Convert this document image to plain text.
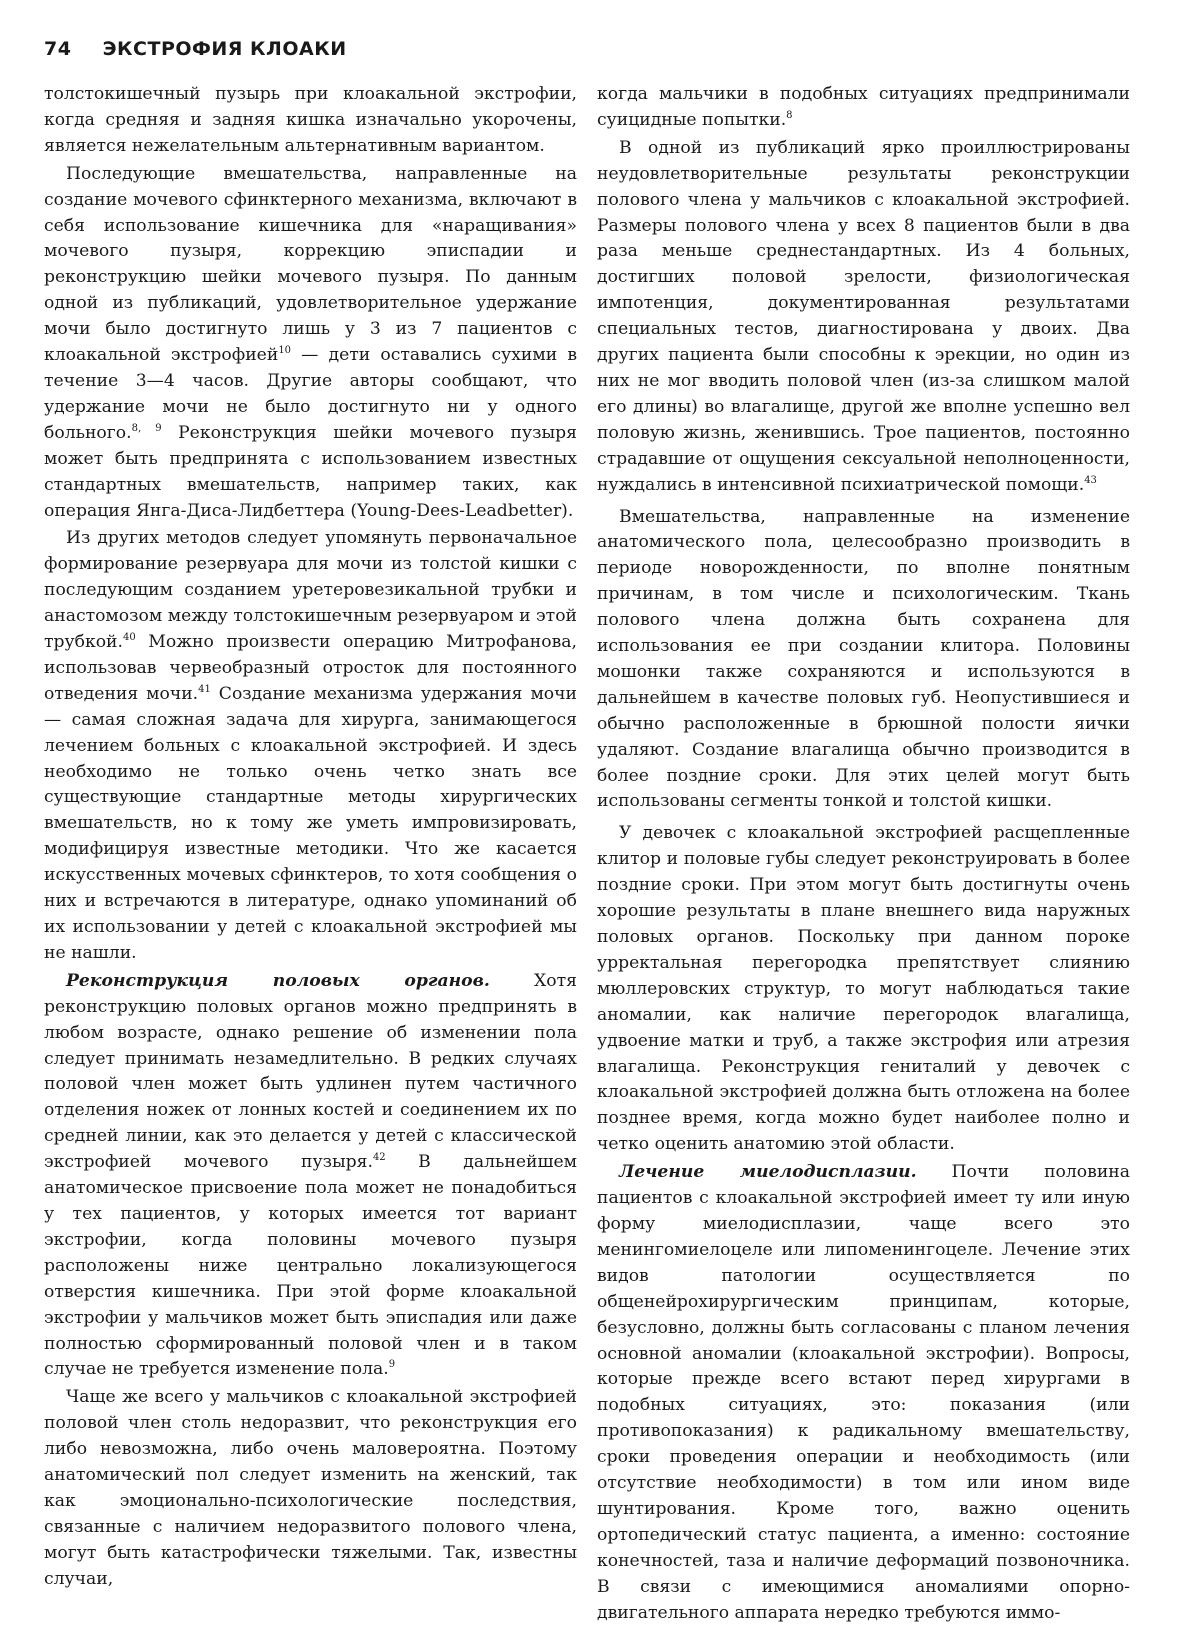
74 ЭКСТРОФИЯ КЛОАКИ

толстокишечный пузырь при клоакальной экстрофии, когда средняя и задняя кишка изначально укорочены, является нежелательным альтернативным вариантом.

Последующие вмешательства, направленные на создание мочевого сфинктерного механизма, включают в себя использование кишечника для «наращивания» мочевого пузыря, коррекцию эписпадии и реконструкцию шейки мочевого пузыря. По данным одной из публикаций, удовлетворительное удержание мочи было достигнуто лишь у 3 из 7 пациентов с клоакальной экстрофией$^{10}$ — дети оставались сухими в течение 3—4 часов. Другие авторы сообщают, что удержание мочи не было достигнуто ни у одного больного.$^{8, 9}$ Реконструкция шейки мочевого пузыря может быть предпринята с использованием известных стандартных вмешательств, например таких, как операция Янга-Диса-Лидбеттера (Young-Dees-Leadbetter).

Из других методов следует упомянуть первоначальное формирование резервуара для мочи из толстой кишки с последующим созданием уретеровезикальной трубки и анастомозом между толстокишечным резервуаром и этой трубкой.$^{40}$ Можно произвести операцию Митрофанова, использовав червеобразный отросток для постоянного отведения мочи.$^{41}$ Создание механизма удержания мочи — самая сложная задача для хирурга, занимающегося лечением больных с клоакальной экстрофией. И здесь необходимо не только очень четко знать все существующие стандартные методы хирургических вмешательств, но к тому же уметь импровизировать, модифицируя известные методики. Что же касается искусственных мочевых сфинктеров, то хотя сообщения о них и встречаются в литературе, однако упоминаний об их использовании у детей с клоакальной экстрофией мы не нашли.

Реконструкция половых органов. Хотя реконструкцию половых органов можно предпринять в любом возрасте, однако решение об изменении пола следует принимать незамедлительно. В редких случаях половой член может быть удлинен путем частичного отделения ножек от лонных костей и соединением их по средней линии, как это делается у детей с классической экстрофией мочевого пузыря.$^{42}$ В дальнейшем анатомическое присвоение пола может не понадобиться у тех пациентов, у которых имеется тот вариант экстрофии, когда половины мочевого пузыря расположены ниже центрально локализующегося отверстия кишечника. При этой форме клоакальной экстрофии у мальчиков может быть эписпадия или даже полностью сформированный половой член и в таком случае не требуется изменение пола.$^9$

Чаще же всего у мальчиков с клоакальной экстрофией половой член столь недоразвит, что реконструкция его либо невозможна, либо очень маловероятна. Поэтому анатомический пол следует изменить на женский, так как эмоционально-психологические последствия, связанные с наличием недоразвитого полового члена, могут быть катастрофически тяжелыми. Так, известны случаи,

когда мальчики в подобных ситуациях предпринимали суицидные попытки.$^8$

В одной из публикаций ярко проиллюстрированы неудовлетворительные результаты реконструкции полового члена у мальчиков с клоакальной экстрофией. Размеры полового члена у всех 8 пациентов были в два раза меньше среднестандартных. Из 4 больных, достигших половой зрелости, физиологическая импотенция, документированная результатами специальных тестов, диагностирована у двоих. Два других пациента были способны к эрекции, но один из них не мог вводить половой член (из-за слишком малой его длины) во влагалище, другой же вполне успешно вел половую жизнь, женившись. Трое пациентов, постоянно страдавшие от ощущения сексуальной неполноценности, нуждались в интенсивной психиатрической помощи.$^{43}$

Вмешательства, направленные на изменение анатомического пола, целесообразно производить в периоде новорожденности, по вполне понятным причинам, в том числе и психологическим. Ткань полового члена должна быть сохранена для использования ее при создании клитора. Половины мошонки также сохраняются и используются в дальнейшем в качестве половых губ. Неопустившиеся и обычно расположенные в брюшной полости яички удаляют. Создание влагалища обычно производится в более поздние сроки. Для этих целей могут быть использованы сегменты тонкой и толстой кишки.

У девочек с клоакальной экстрофией расщепленные клитор и половые губы следует реконструировать в более поздние сроки. При этом могут быть достигнуты очень хорошие результаты в плане внешнего вида наружных половых органов. Поскольку при данном пороке урректальная перегородка препятствует слиянию мюллеровских структур, то могут наблюдаться такие аномалии, как наличие перегородок влагалища, удвоение матки и труб, а также экстрофия или атрезия влагалища. Реконструкция гениталий у девочек с клоакальной экстрофией должна быть отложена на более позднее время, когда можно будет наиболее полно и четко оценить анатомию этой области.

Лечение миелодисплазии. Почти половина пациентов с клоакальной экстрофией имеет ту или иную форму миелодисплазии, чаще всего это менингомиелоцеле или липоменингоцеле. Лечение этих видов патологии осуществляется по общенейрохирургическим принципам, которые, безусловно, должны быть согласованы с планом лечения основной аномалии (клоакальной экстрофии). Вопросы, которые прежде всего встают перед хирургами в подобных ситуациях, это: показания (или противопоказания) к радикальному вмешательству, сроки проведения операции и необходимость (или отсутствие необходимости) в том или ином виде шунтирования. Кроме того, важно оценить ортопедический статус пациента, а именно: состояние конечностей, таза и наличие деформаций позвоночника. В связи с имеющимися аномалиями опорно-двигательного аппарата нередко требуются иммо-
